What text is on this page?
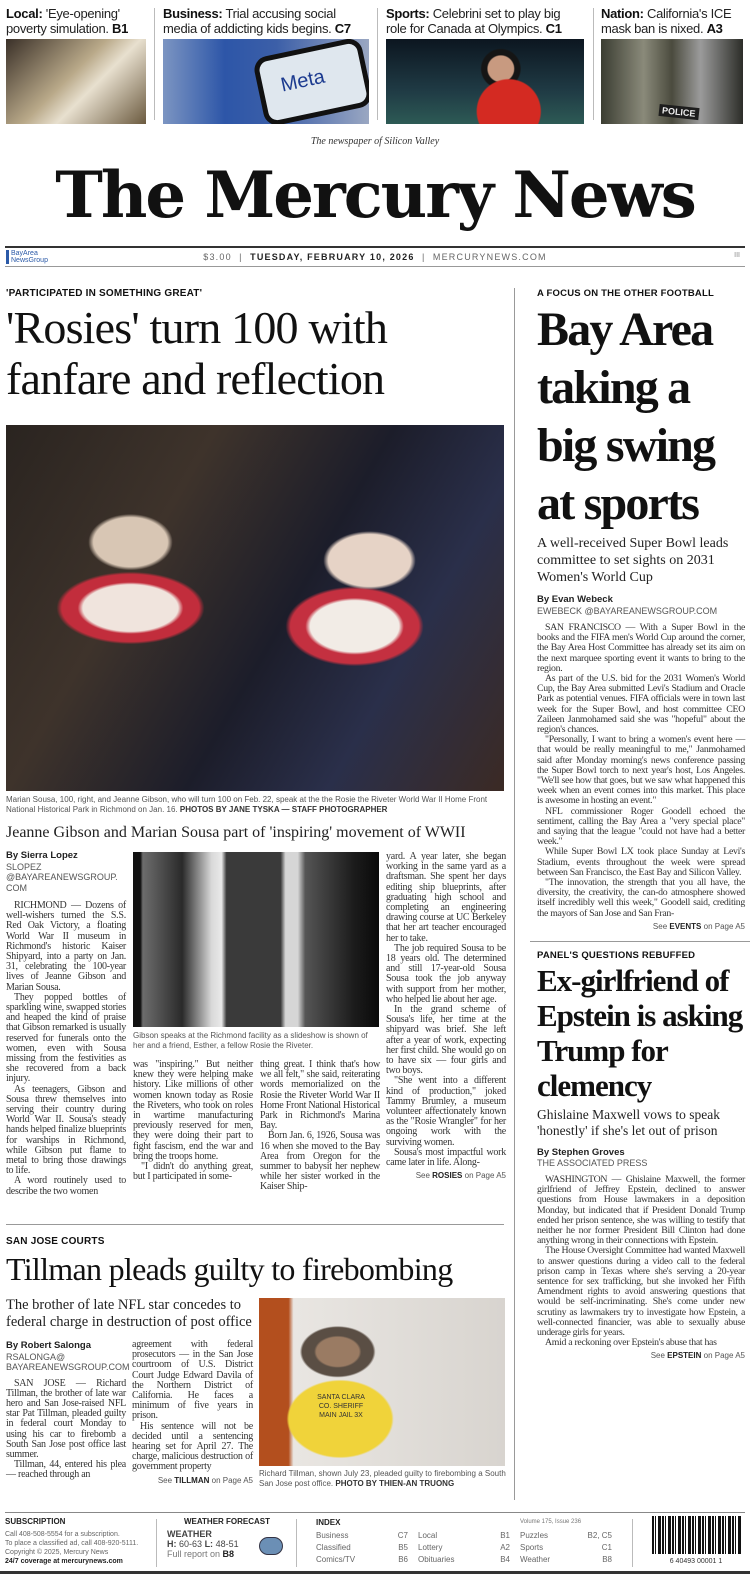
Local: 'Eye-opening' poverty simulation. B1
Business: Trial accusing social media of addicting kids begins. C7
Meta
Sports: Celebrini set to play big role for Canada at Olympics. C1
Nation: California's ICE mask ban is nixed. A3
POLICE
The newspaper of Silicon Valley
The Mercury News
BayArea NewsGroup	$3.00  |  TUESDAY, FEBRUARY 10, 2026  |  MERCURYNEWS.COM	III
'PARTICIPATED IN SOMETHING GREAT'
'Rosies' turn 100 with fanfare and reflection
Marian Sousa, 100, right, and Jeanne Gibson, who will turn 100 on Feb. 22, speak at the the Rosie the Riveter World War II Home Front National Historical Park in Richmond on Jan. 16. PHOTOS BY JANE TYSKA — STAFF PHOTOGRAPHER
Jeanne Gibson and Marian Sousa part of 'inspiring' movement of WWII
By Sierra Lopez
SLOPEZ @BAYAREANEWSGROUP. COM

RICHMOND — Dozens of well-wishers turned the S.S. Red Oak Victory, a floating World War II museum in Richmond's historic Kaiser Shipyard, into a party on Jan. 31, celebrating the 100-year lives of Jeanne Gibson and Marian Sousa.

They popped bottles of sparkling wine, swapped stories and heaped the kind of praise that Gibson remarked is usually reserved for funerals onto the women, even with Sousa missing from the festivities as she recovered from a back injury.

As teenagers, Gibson and Sousa threw themselves into serving their country during World War II. Sousa's steady hands helped finalize blueprints for warships in Richmond, while Gibson put flame to metal to bring those drawings to life.

A word routinely used to describe the two women

Gibson speaks at the Richmond facility as a slideshow is shown of her and a friend, Esther, a fellow Rosie the Riveter.

was "inspiring." But neither knew they were helping make history. Like millions of other women known today as Rosie the Riveters, who took on roles in wartime manufacturing previously reserved for men, they were doing their part to fight fascism, end the war and bring the troops home.

"I didn't do anything great, but I participated in some-

thing great. I think that's how we all felt," she said, reiterating words memorialized on the Rosie the Riveter World War II Home Front National Historical Park in Richmond's Marina Bay.

Born Jan. 6, 1926, Sousa was 16 when she moved to the Bay Area from Oregon for the summer to babysit her nephew while her sister worked in the Kaiser Ship-

yard. A year later, she began working in the same yard as a draftsman. She spent her days editing ship blueprints, after graduating high school and completing an engineering drawing course at UC Berkeley that her art teacher encouraged her to take.

The job required Sousa to be 18 years old. The determined and still 17-year-old Sousa Sousa took the job anyway with support from her mother, who helped lie about her age.

In the grand scheme of Sousa's life, her time at the shipyard was brief. She left after a year of work, expecting her first child. She would go on to have six — four girls and two boys.

"She went into a different kind of production," joked Tammy Brumley, a museum volunteer affectionately known as the "Rosie Wrangler" for her ongoing work with the surviving women.

Sousa's most impactful work came later in life. Along-

See ROSIES on Page A5
SAN JOSE COURTS
Tillman pleads guilty to firebombing
The brother of late NFL star concedes to federal charge in destruction of post office
By Robert Salonga
RSALONGA@ BAYAREANEWSGROUP.COM

SAN JOSE — Richard Tillman, the brother of late war hero and San Jose-raised NFL star Pat Tillman, pleaded guilty in federal court Monday to using his car to firebomb a South San Jose post office last summer.

Tillman, 44, entered his plea — reached through an

agreement with federal prosecutors — in the San Jose courtroom of U.S. District Court Judge Edward Davila of the Northern District of California. He faces a minimum of five years in prison.

His sentence will not be decided until a sentencing hearing set for April 27. The charge, malicious destruction of government property

See TILLMAN on Page A5
SANTA CLARA CO. SHERIFF MAIN JAIL 3X
Richard Tillman, shown July 23, pleaded guilty to firebombing a South San Jose post office. PHOTO BY THIEN-AN TRUONG
A FOCUS ON THE OTHER FOOTBALL
Bay Area taking a big swing at sports
A well-received Super Bowl leads committee to set sights on 2031 Women's World Cup
By Evan Webeck
EWEBECK @BAYAREANEWSGROUP.COM

SAN FRANCISCO — With a Super Bowl in the books and the FIFA men's World Cup around the corner, the Bay Area Host Committee has already set its aim on the next marquee sporting event it wants to bring to the region.

As part of the U.S. bid for the 2031 Women's World Cup, the Bay Area submitted Levi's Stadium and Oracle Park as potential venues. FIFA officials were in town last week for the Super Bowl, and host committee CEO Zaileen Janmohamed said she was "hopeful" about the region's chances.

"Personally, I want to bring a women's event here — that would be really meaningful to me," Janmohamed said after Monday morning's news conference passing the Super Bowl torch to next year's host, Los Angeles. "We'll see how that goes, but we saw what happened this week when an event comes into this market. This place is awesome in hosting an event."

NFL commissioner Roger Goodell echoed the sentiment, calling the Bay Area a "very special place" and saying that the league "could not have had a better week."

While Super Bowl LX took place Sunday at Levi's Stadium, events throughout the week were spread between San Francisco, the East Bay and Silicon Valley.

"The innovation, the strength that you all have, the diversity, the creativity, the can-do atmosphere showed itself incredibly well this week," Goodell said, crediting the mayors of San Jose and San Fran-

See EVENTS on Page A5
PANEL'S QUESTIONS REBUFFED
Ex-girlfriend of Epstein is asking Trump for clemency
Ghislaine Maxwell vows to speak 'honestly' if she's let out of prison
By Stephen Groves
THE ASSOCIATED PRESS

WASHINGTON — Ghislaine Maxwell, the former girlfriend of Jeffrey Epstein, declined to answer questions from House lawmakers in a deposition Monday, but indicated that if President Donald Trump ended her prison sentence, she was willing to testify that neither he nor former President Bill Clinton had done anything wrong in their connections with Epstein.

The House Oversight Committee had wanted Maxwell to answer questions during a video call to the federal prison camp in Texas where she's serving a 20-year sentence for sex trafficking, but she invoked her Fifth Amendment rights to avoid answering questions that would be self-incriminating. She's come under new scrutiny as lawmakers try to investigate how Epstein, a well-connected financier, was able to sexually abuse underage girls for years.

Amid a reckoning over Epstein's abuse that has

See EPSTEIN on Page A5
SUBSCRIPTION
Call 408-508-5554 for a subscription.
To place a classified ad, call 408-920-5111.
Copyright © 2025, Mercury News
24/7 coverage at mercurynews.com
WEATHER FORECAST
WEATHER
H: 60-63 L: 48-51
Full report on B8
INDEX	Volume 175, Issue 236
Business	C7
Classified	B5
Comics/TV	B6
Local	B1
Lottery	A2
Obituaries	B4
Puzzles	B2, C5
Sports	C1
Weather	B8	6 40493 00001 1
